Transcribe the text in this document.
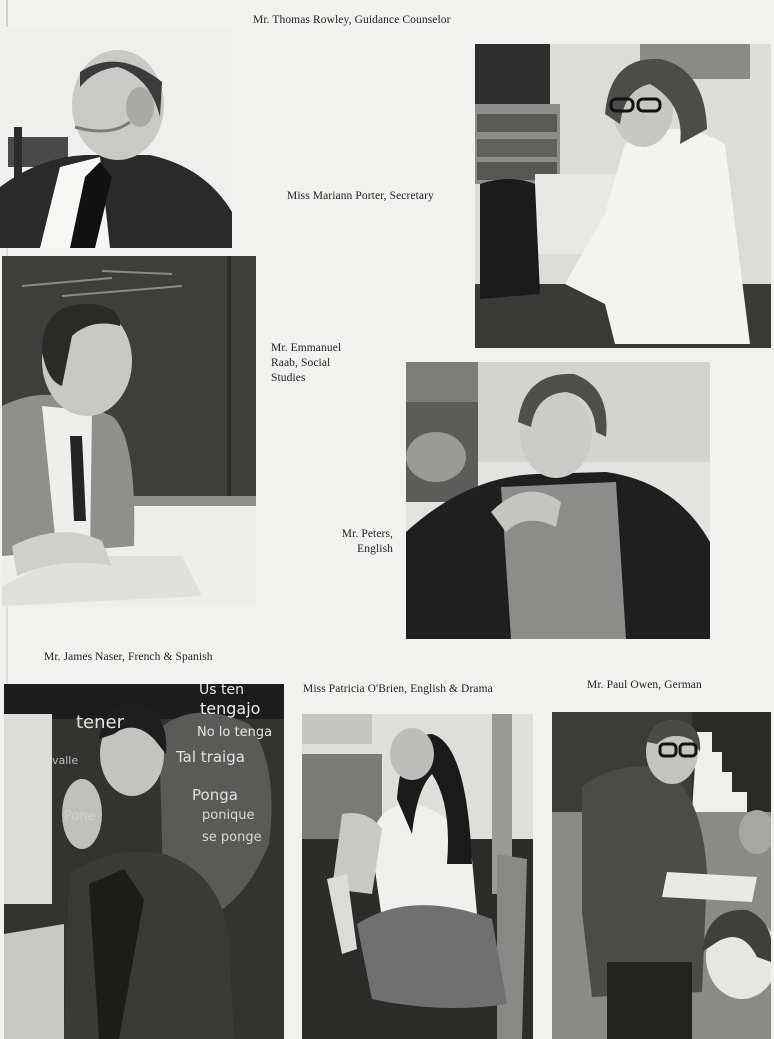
Mr. Thomas Rowley, Guidance Counselor
Miss Mariann Porter, Secretary
Mr. Emmanuel
Raab, Social
Studies
Mr. Peters,
English
Mr. James Naser, French & Spanish
Miss Patricia O'Brien, English & Drama	Mr. Paul Owen, German
Us ten
tengajo
tener	No lo tenga
valle	Tal traiga
Ponga
ponique
se ponge
Pone
